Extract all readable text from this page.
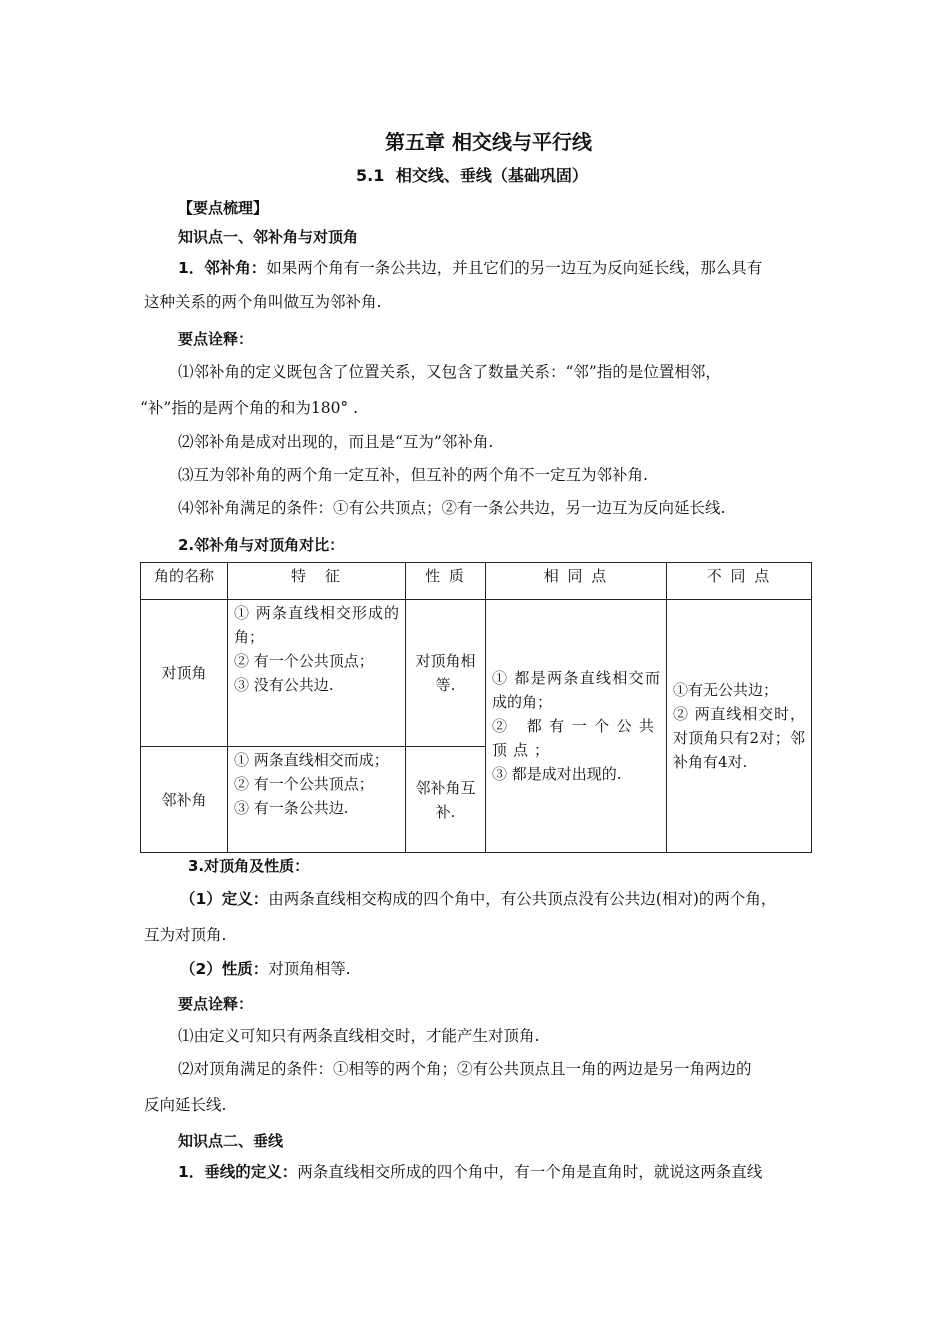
第五章 相交线与平行线
5.1 相交线、垂线（基础巩固）
【要点梳理】
知识点一、邻补角与对顶角
1．邻补角：如果两个角有一条公共边，并且它们的另一边互为反向延长线，那么具有
这种关系的两个角叫做互为邻补角.
要点诠释：
⑴邻补角的定义既包含了位置关系，又包含了数量关系：“邻”指的是位置相邻，
“补”指的是两个角的和为180° .
⑵邻补角是成对出现的，而且是“互为”邻补角.
⑶互为邻补角的两个角一定互补，但互补的两个角不一定互为邻补角.
⑷邻补角满足的条件：①有公共顶点；②有一条公共边，另一边互为反向延长线.
2.邻补角与对顶角对比：
角的名称	特　征	性 质	相 同 点	不 同 点
对顶角	① 两条直线相交形成的角；
② 有一个公共顶点；
③ 没有公共边.	对顶角相等.	① 都是两条直线相交而成的角；
② 都有一个公共顶点；
③ 都是成对出现的.	①有无公共边；
② 两直线相交时，对顶角只有2对；邻补角有4对.

邻补角	① 两条直线相交而成；
② 有一个公共顶点；
③ 有一条公共边.	邻补角互补.		
3.对顶角及性质：
（1）定义：由两条直线相交构成的四个角中，有公共顶点没有公共边(相对)的两个角，
互为对顶角.
（2）性质：对顶角相等.
要点诠释：
⑴由定义可知只有两条直线相交时，才能产生对顶角.
⑵对顶角满足的条件：①相等的两个角；②有公共顶点且一角的两边是另一角两边的
反向延长线.
知识点二、垂线
1．垂线的定义：两条直线相交所成的四个角中，有一个角是直角时，就说这两条直线
